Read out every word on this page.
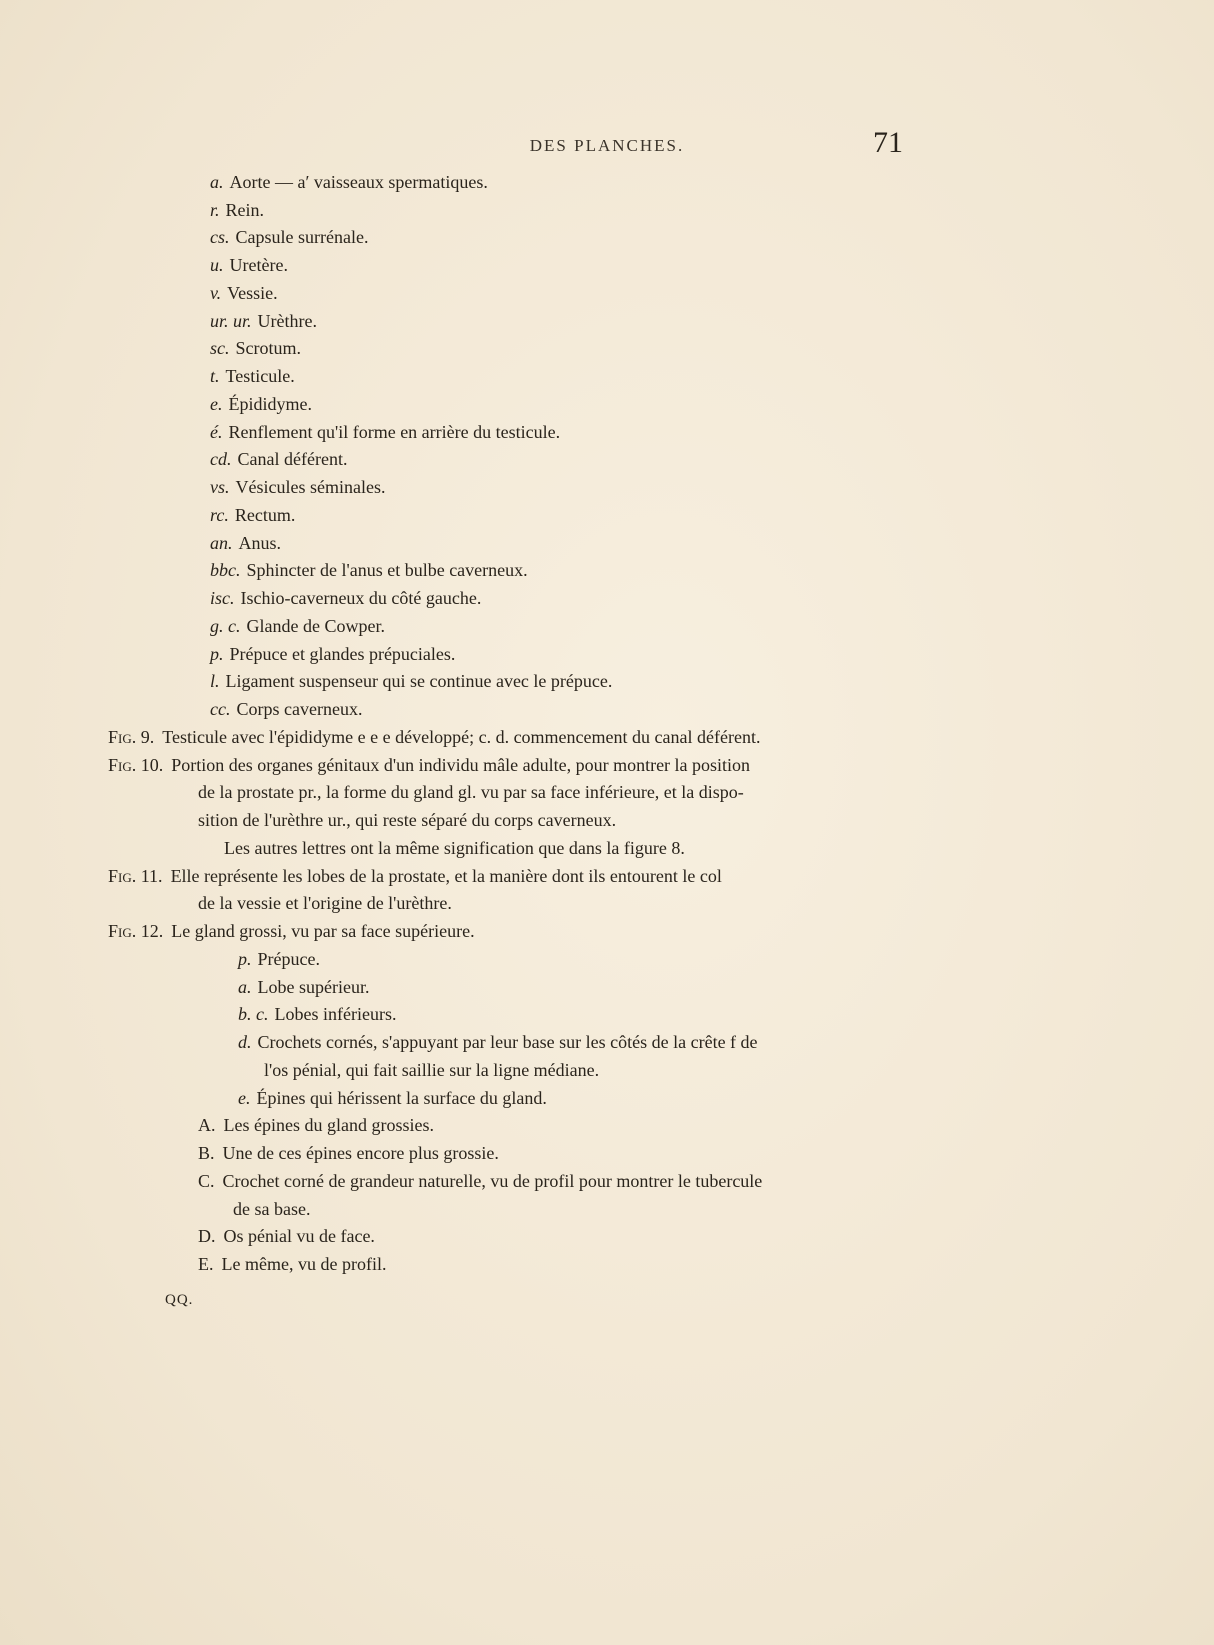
DES PLANCHES.	71
a. Aorte — a′ vaisseaux spermatiques.
r. Rein.
cs. Capsule surrénale.
u. Uretère.
v. Vessie.
ur. ur. Urèthre.
sc. Scrotum.
t. Testicule.
e. Épididyme.
é. Renflement qu'il forme en arrière du testicule.
cd. Canal déférent.
vs. Vésicules séminales.
rc. Rectum.
an. Anus.
bbc. Sphincter de l'anus et bulbe caverneux.
isc. Ischio-caverneux du côté gauche.
g. c. Glande de Cowper.
p. Prépuce et glandes prépuciales.
l. Ligament suspenseur qui se continue avec le prépuce.
cc. Corps caverneux.
Fig. 9. Testicule avec l'épididyme e e e développé; c. d. commencement du canal déférent.
Fig. 10. Portion des organes génitaux d'un individu mâle adulte, pour montrer la position
de la prostate pr., la forme du gland gl. vu par sa face inférieure, et la dispo-
sition de l'urèthre ur., qui reste séparé du corps caverneux.
Les autres lettres ont la même signification que dans la figure 8.
Fig. 11. Elle représente les lobes de la prostate, et la manière dont ils entourent le col
de la vessie et l'origine de l'urèthre.
Fig. 12. Le gland grossi, vu par sa face supérieure.
p. Prépuce.
a. Lobe supérieur.
b. c. Lobes inférieurs.
d. Crochets cornés, s'appuyant par leur base sur les côtés de la crête f de
l'os pénial, qui fait saillie sur la ligne médiane.
e. Épines qui hérissent la surface du gland.
A. Les épines du gland grossies.
B. Une de ces épines encore plus grossie.
C. Crochet corné de grandeur naturelle, vu de profil pour montrer le tubercule
de sa base.
D. Os pénial vu de face.
E. Le même, vu de profil.
QQ.
